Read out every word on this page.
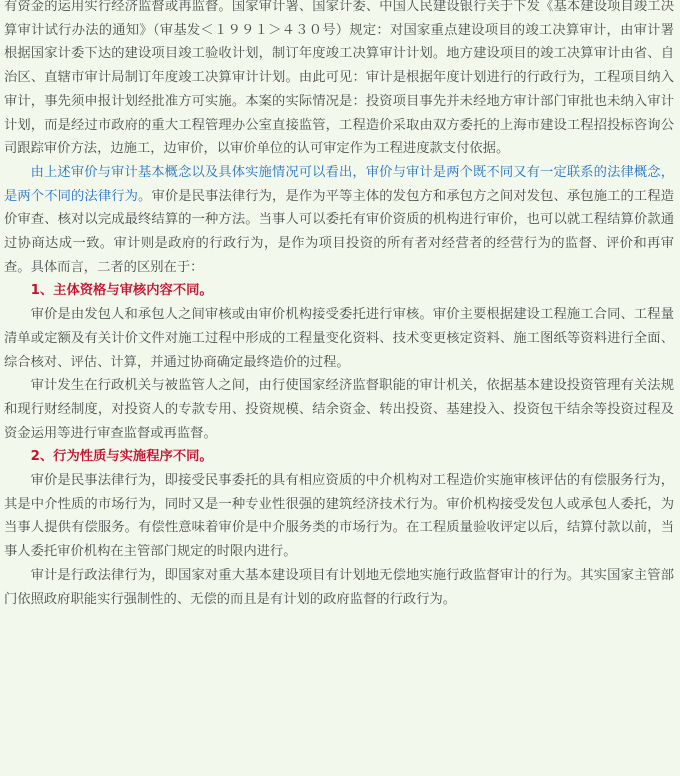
有资金的运用实行经济监督或再监督。国家审计署、国家计委、中国人民建设银行关于下发《基本建设项目竣工决算审计试行办法的通知》（审基发＜１９９１＞４３０号）规定：对国家重点建设项目的竣工决算审计，由审计署根据国家计委下达的建设项目竣工验收计划，制订年度竣工决算审计计划。地方建设项目的竣工决算审计由省、自治区、直辖市审计局制订年度竣工决算审计计划。由此可见：审计是根据年度计划进行的行政行为，工程项目纳入审计，事先须申报计划经批准方可实施。本案的实际情况是：投资项目事先并未经地方审计部门审批也未纳入审计计划，而是经过市政府的重大工程管理办公室直接监管，工程造价采取由双方委托的上海市建设工程招投标咨询公司跟踪审价方法，边施工，边审价，以审价单位的认可审定作为工程进度款支付依据。

由上述审价与审计基本概念以及具体实施情况可以看出，审价与审计是两个既不同又有一定联系的法律概念，是两个不同的法律行为。审价是民事法律行为，是作为平等主体的发包方和承包方之间对发包、承包施工的工程造价审查、核对以完成最终结算的一种方法。当事人可以委托有审价资质的机构进行审价，也可以就工程结算价款通过协商达成一致。审计则是政府的行政行为，是作为项目投资的所有者对经营者的经营行为的监督、评价和再审查。具体而言，二者的区别在于：

1、主体资格与审核内容不同。

审价是由发包人和承包人之间审核或由审价机构接受委托进行审核。审价主要根据建设工程施工合同、工程量清单或定额及有关计价文件对施工过程中形成的工程量变化资料、技术变更核定资料、施工图纸等资料进行全面、综合核对、评估、计算，并通过协商确定最终造价的过程。

审计发生在行政机关与被监管人之间，由行使国家经济监督职能的审计机关，依据基本建设投资管理有关法规和现行财经制度，对投资人的专款专用、投资规模、结余资金、转出投资、基建投入、投资包干结余等投资过程及资金运用等进行审查监督或再监督。

2、行为性质与实施程序不同。

审价是民事法律行为，即接受民事委托的具有相应资质的中介机构对工程造价实施审核评估的有偿服务行为，其是中介性质的市场行为，同时又是一种专业性很强的建筑经济技术行为。审价机构接受发包人或承包人委托，为当事人提供有偿服务。有偿性意味着审价是中介服务类的市场行为。在工程质量验收评定以后，结算付款以前，当事人委托审价机构在主管部门规定的时限内进行。

审计是行政法律行为，即国家对重大基本建设项目有计划地无偿地实施行政监督审计的行为。其实国家主管部门依照政府职能实行强制性的、无偿的而且是有计划的政府监督的行政行为。
